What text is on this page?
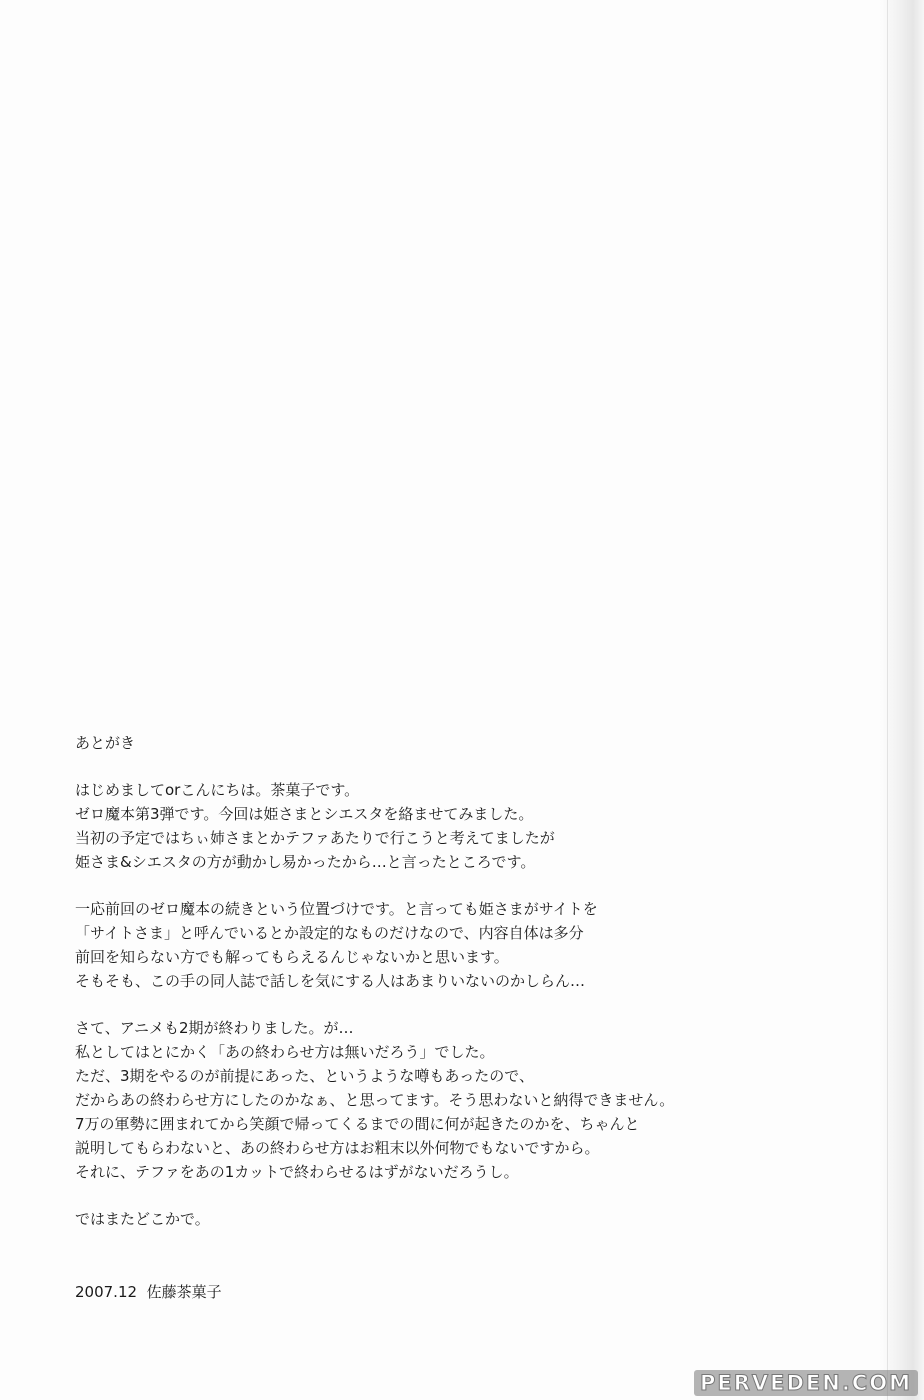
あとがき
はじめましてorこんにちは。茶菓子です。
ゼロ魔本第3弾です。今回は姫さまとシエスタを絡ませてみました。
当初の予定ではちぃ姉さまとかテファあたりで行こうと考えてましたが
姫さま&シエスタの方が動かし易かったから…と言ったところです。
一応前回のゼロ魔本の続きという位置づけです。と言っても姫さまがサイトを
「サイトさま」と呼んでいるとか設定的なものだけなので、内容自体は多分
前回を知らない方でも解ってもらえるんじゃないかと思います。
そもそも、この手の同人誌で話しを気にする人はあまりいないのかしらん…
さて、アニメも2期が終わりました。が…
私としてはとにかく「あの終わらせ方は無いだろう」でした。
ただ、3期をやるのが前提にあった、というような噂もあったので、
だからあの終わらせ方にしたのかなぁ、と思ってます。そう思わないと納得できません。
7万の軍勢に囲まれてから笑顔で帰ってくるまでの間に何が起きたのかを、ちゃんと
説明してもらわないと、あの終わらせ方はお粗末以外何物でもないですから。
それに、テファをあの1カットで終わらせるはずがないだろうし。
ではまたどこかで。
2007.12 佐藤茶菓子
PERVEDEN.COM
